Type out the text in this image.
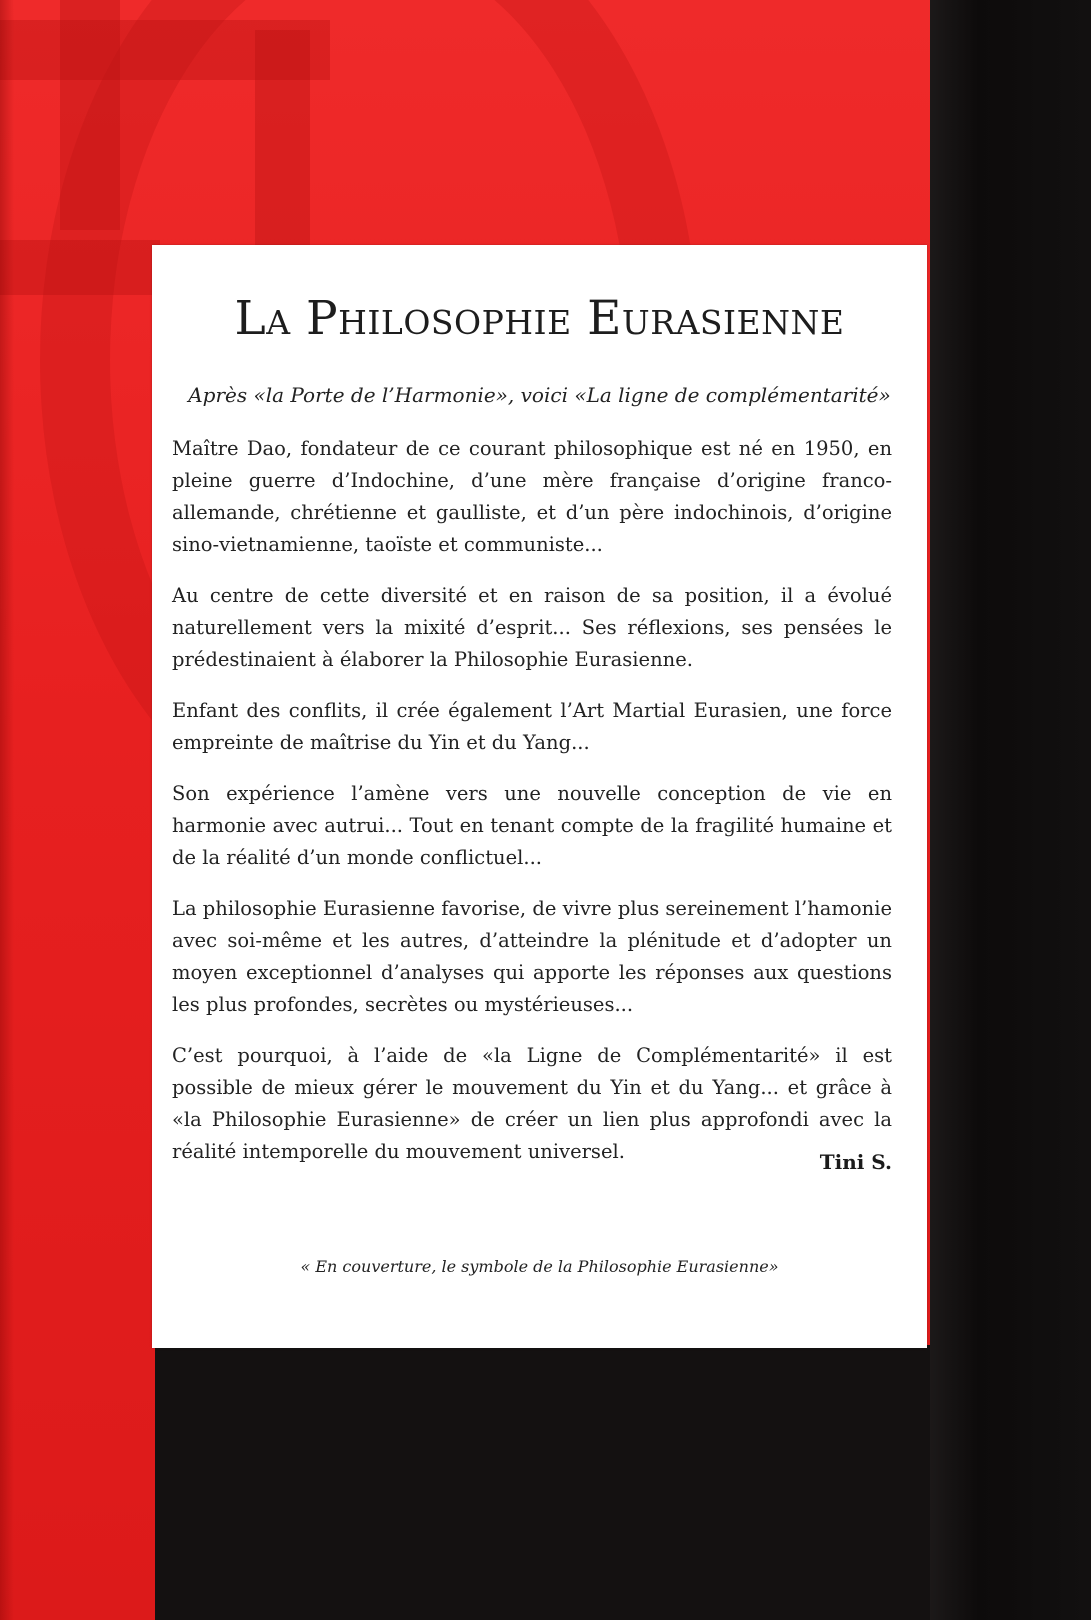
La Philosophie Eurasienne
Après «la Porte de l’Harmonie», voici «La ligne de complémentarité»

Maître Dao, fondateur de ce courant philosophique est né en 1950, en pleine guerre d’Indochine, d’une mère française d’origine franco-allemande, chrétienne et gaulliste, et d’un père indochinois, d’origine sino-vietnamienne, taoïste et communiste...

Au centre de cette diversité et en raison de sa position, il a évolué naturellement vers la mixité d’esprit... Ses réflexions, ses pensées le prédestinaient à élaborer la Philosophie Eurasienne.

Enfant des conflits, il crée également l’Art Martial Eurasien, une force empreinte de maîtrise du Yin et du Yang...

Son expérience l’amène vers une nouvelle conception de vie en harmonie avec autrui... Tout en tenant compte de la fragilité humaine et de la réalité d’un monde conflictuel...

La philosophie Eurasienne favorise, de vivre plus sereinement l’hamonie avec soi-même et les autres, d’atteindre la plénitude et d’adopter un moyen exceptionnel d’analyses qui apporte les réponses aux questions les plus profondes, secrètes ou mystérieuses...

C’est pourquoi, à l’aide de «la Ligne de Complémentarité» il est possible de mieux gérer le mouvement du Yin et du Yang... et grâce à «la Philosophie Eurasienne» de créer un lien plus approfondi avec la réalité intemporelle du mouvement universel.	Tini S.
« En couverture, le symbole de la Philosophie Eurasienne»
